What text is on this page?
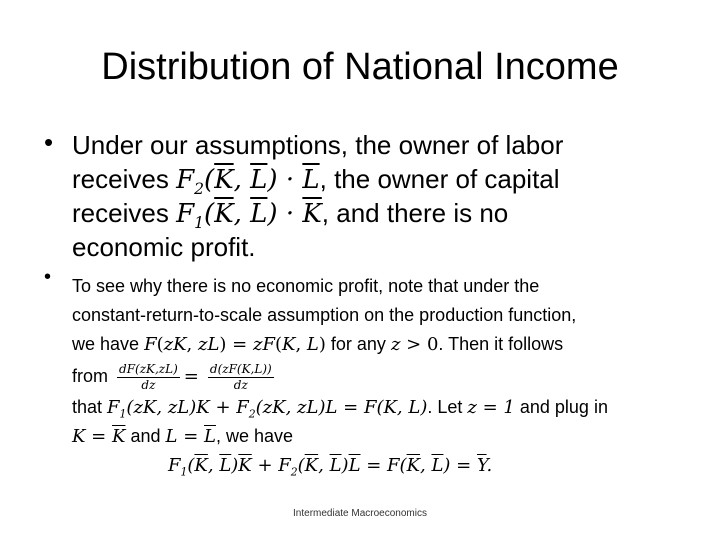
Distribution of National Income
• Under our assumptions, the owner of labor
receives $F_2(\overline{K}$, $\overline{L}) \cdot \overline{L}$, the owner of capital
receives $F_1(\overline{K}$, $\overline{L}) \cdot \overline{K}$, and there is no
economic profit.
• To see why there is no economic profit, note that under the
constant-return-to-scale assumption on the production function,
we have F(zK, zL) = zF(K, L) for any z > 0. Then it follows
from $\frac{dF(zK,zL)}{dz} = \frac{d(zF(K,L))}{dz}$
that $F_1(zK$, $zL)K + F_2(zK$, zL)L = F(K, L). Let z = 1 and plug in
$K = \overline{K}$ and $L = \overline{L}$, we have
$F_1(\overline{K}$, $\overline{L})\overline{K} + F_2(\overline{K}$, $\overline{L})\overline{L} = F(\overline{K}$, $\overline{L}) = \overline{Y}$.
Intermediate Macroeconomics
